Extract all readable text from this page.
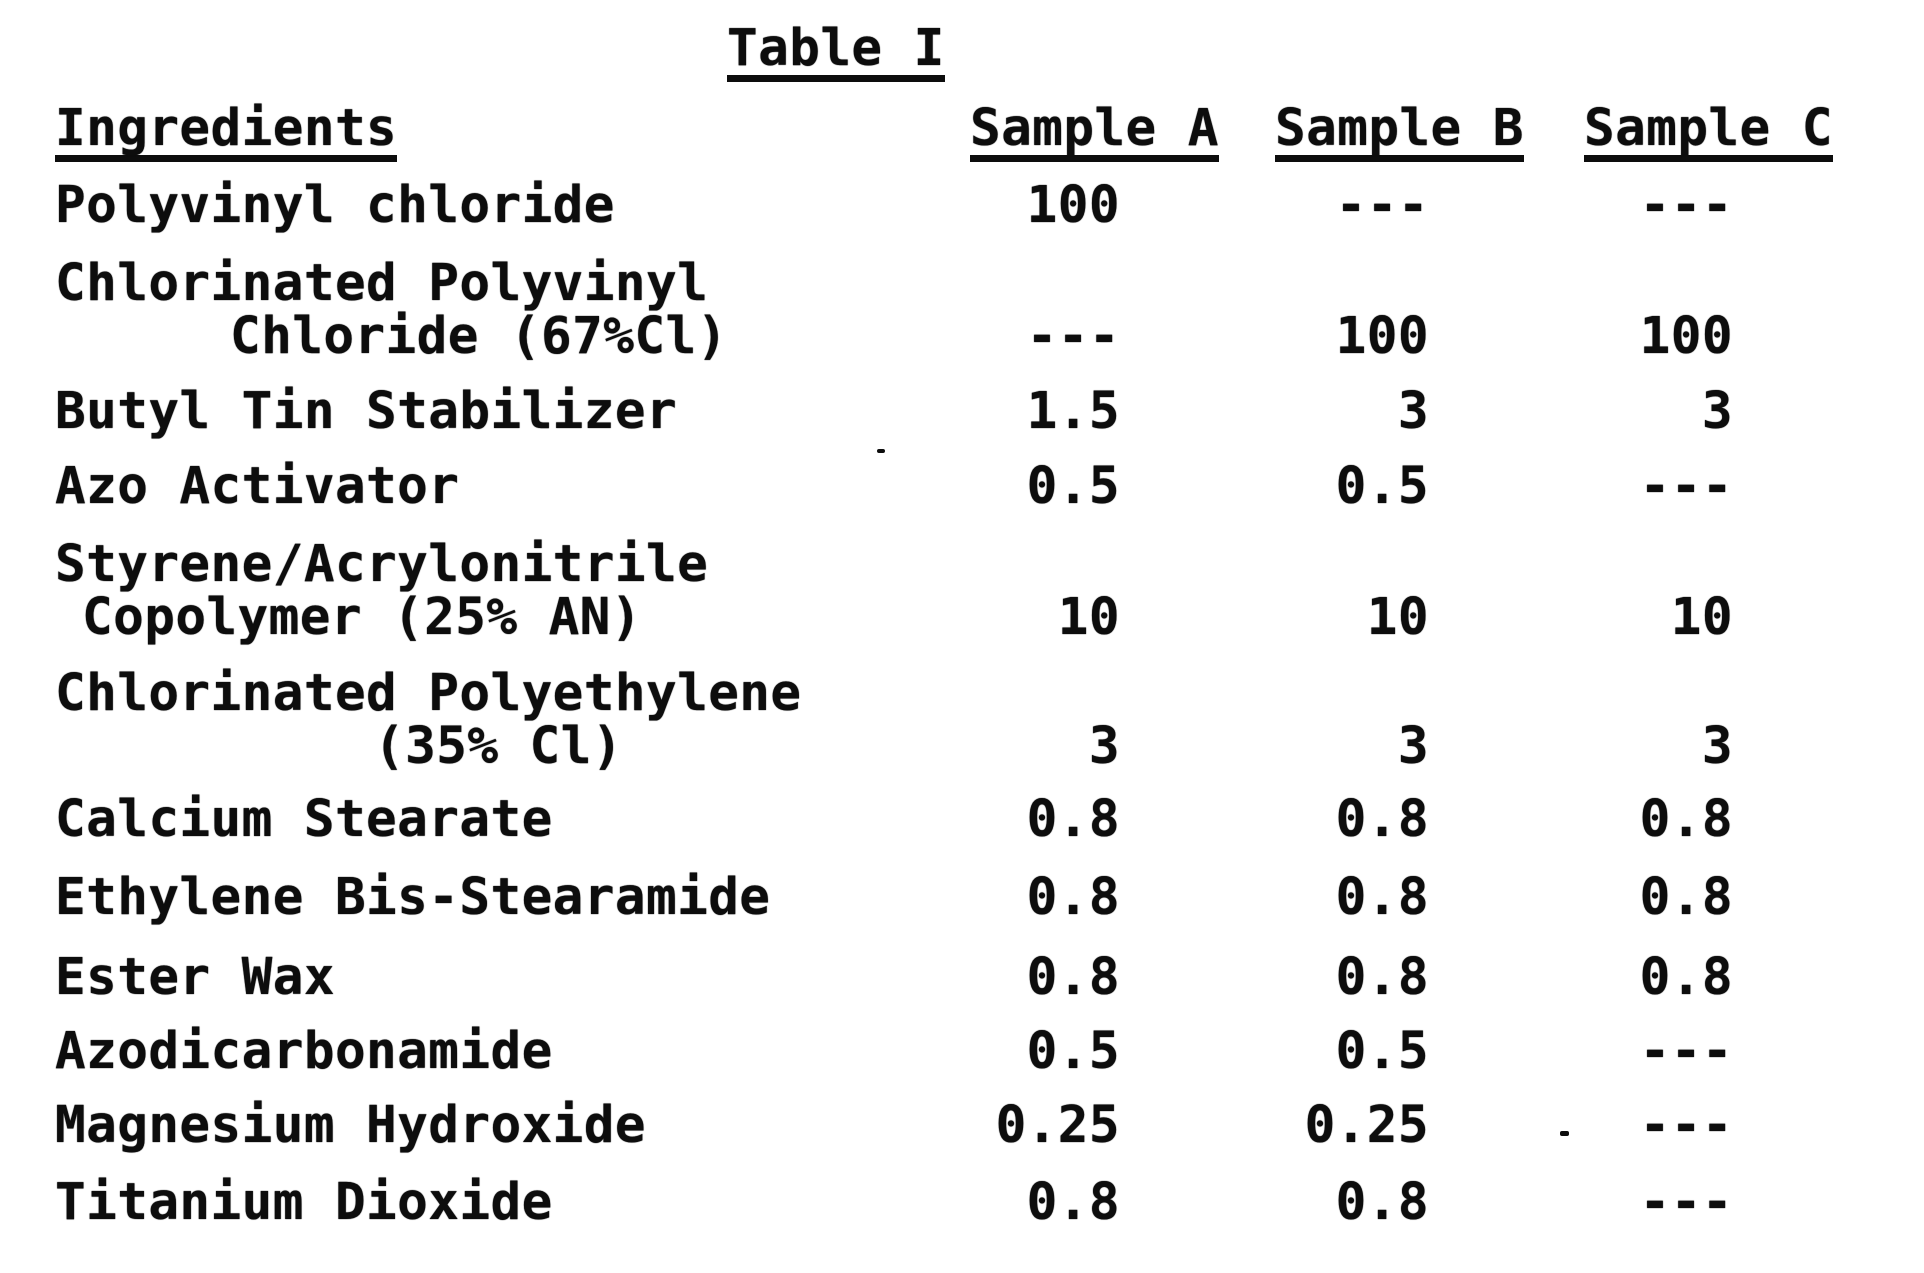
Table I
Ingredients	Sample A Sample B Sample C
Polyvinyl chloride	100	---	---
Chlorinated Polyvinyl
Chloride (67%Cl)	---	100	100
Butyl Tin Stabilizer	1.5	3	3
Azo Activator	0.5	0.5	---
Styrene/Acrylonitrile
Copolymer (25% AN)	10	10	10
Chlorinated Polyethylene
(35% Cl)	3	3	3
Calcium Stearate	0.8	0.8	0.8
Ethylene Bis-Stearamide	0.8	0.8	0.8
Ester Wax	0.8	0.8	0.8
Azodicarbonamide	0.5	0.5	---
Magnesium Hydroxide	0.25	0.25	---
Titanium Dioxide	0.8	0.8	---
